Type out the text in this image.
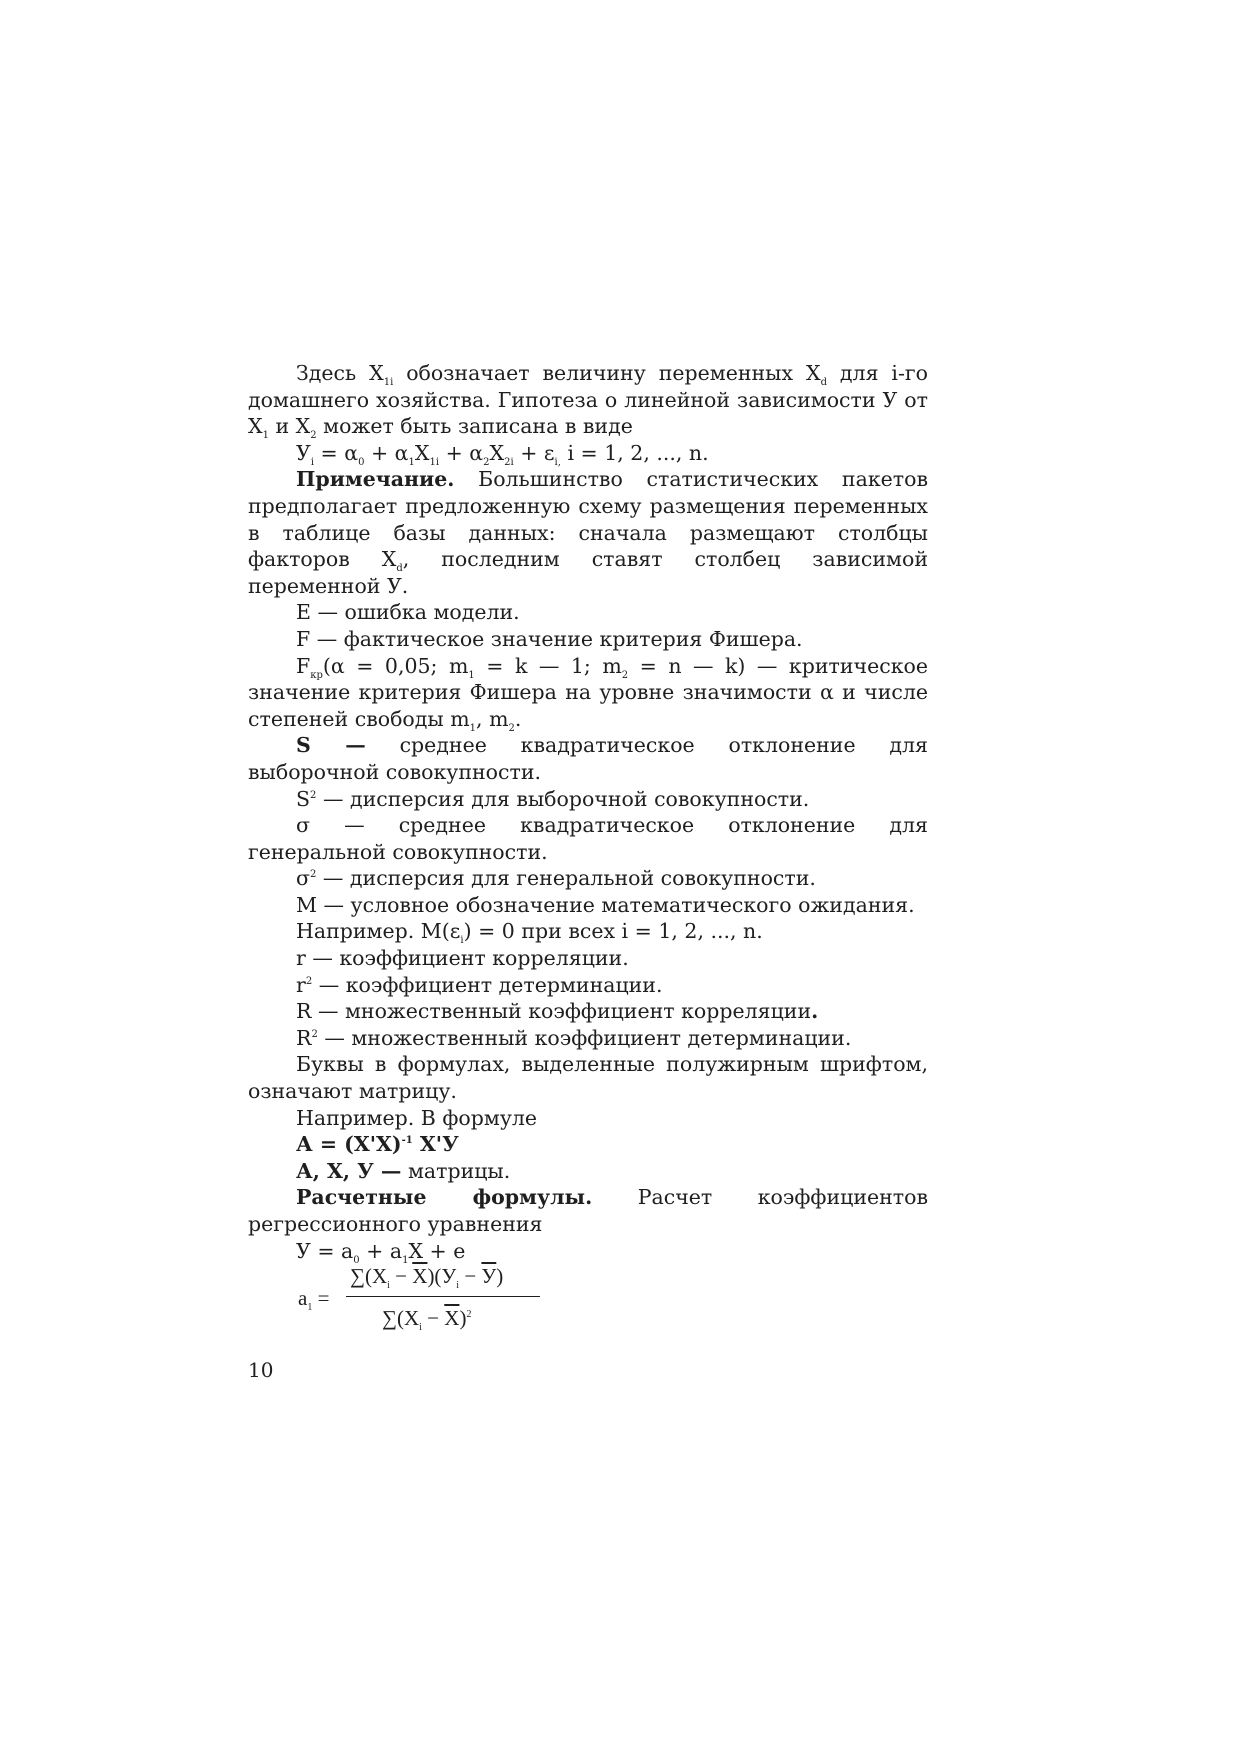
Здесь $X_{1i}$ обозначает величину переменных $X_d$ для i-го домашнего хозяйства. Гипотеза о линейной зависимости У от $X_1$ и $X_2$ может быть записана в виде

$У_i = \alpha_0 + \alpha_1X_{1i} + \alpha_2X_{2i} + \varepsilon_{i,}$ i = 1, 2, ..., n.

Примечание. Большинство статистических пакетов предполагает предложенную схему размещения переменных в таблице базы данных: сначала размещают столбцы факторов $X_d$, последним ставят столбец зависимой переменной У.

Е — ошибка модели.

F — фактическое значение критерия Фишера.

$F_{кр}(\alpha = 0,05$; $m_1 = k$ — 1; $m_2 = n$ — k) — критическое значение критерия Фишера на уровне значимости α и числе степеней свободы $m_1$, $m_2$.

S — среднее квадратическое отклонение для выборочной совокупности.

$S^2$ — дисперсия для выборочной совокупности.

σ — среднее квадратическое отклонение для генеральной совокупности.

$\sigma^2$ — дисперсия для генеральной совокупности.

М — условное обозначение математического ожидания.

Например. $М(\varepsilon_i) = 0$ при всех i = 1, 2, ..., n.

r — коэффициент корреляции.

$r^2$ — коэффициент детерминации.

R — множественный коэффициент корреляции.

$R^2$ — множественный коэффициент детерминации.

Буквы в формулах, выделенные полужирным шрифтом, означают матрицу.

Например. В формуле

$А = (X'X)^{-1}$ X'У

А, X, У — матрицы.

Расчетные формулы. Расчет коэффициентов регрессионного уравнения

$У = a_0 + a_1X + e$

$a_1$ =
$\sum(X_i - \overline{X})(У_i - У)$
$\sum(X_i - \overline{X})^2$
10
